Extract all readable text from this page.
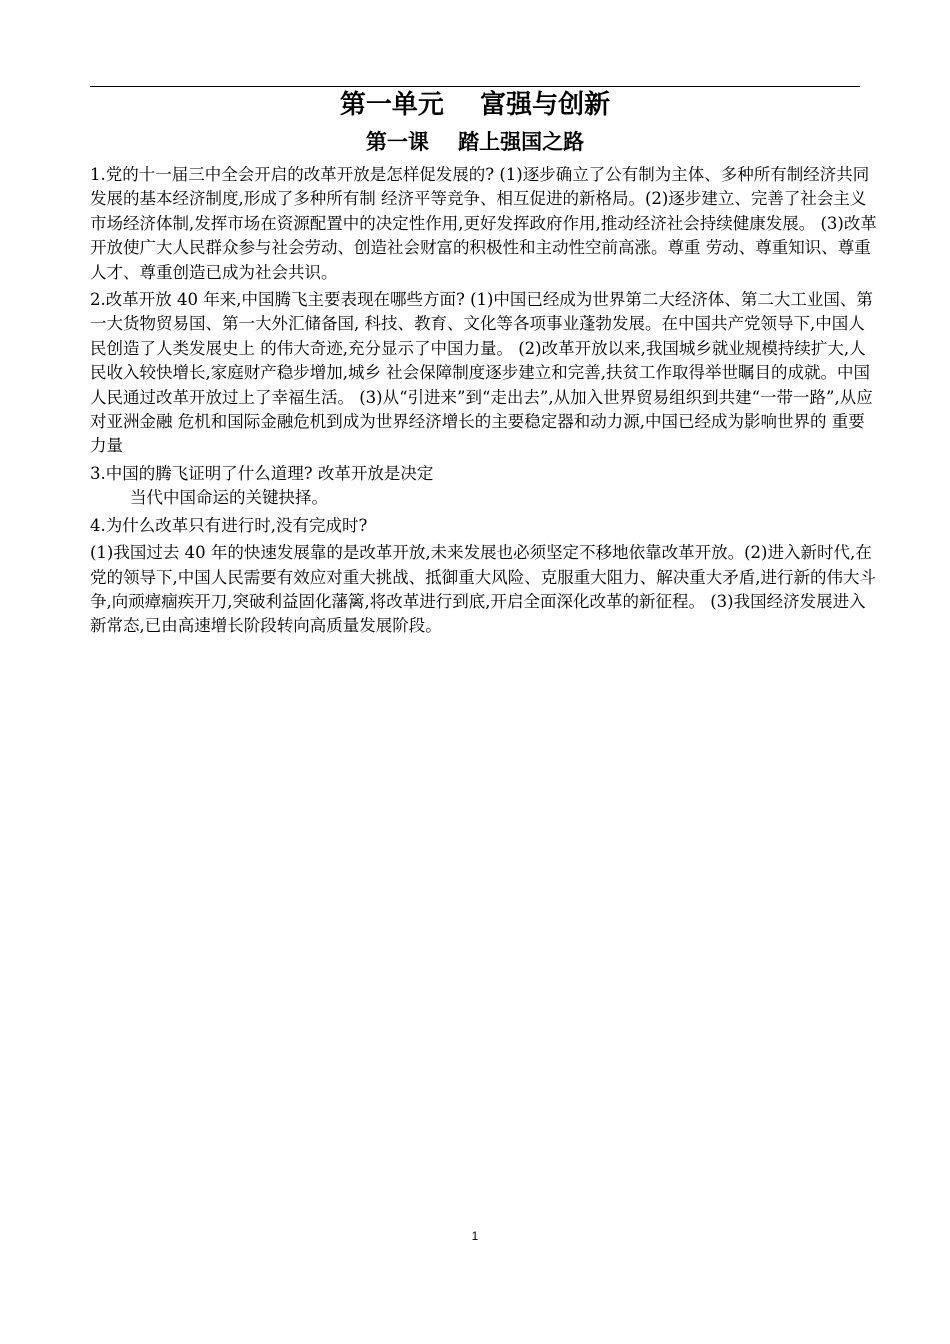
第一单元    富强与创新
第一课    踏上强国之路

1.党的十一届三中全会开启的改革开放是怎样促发展的? (1)逐步确立了公有制为主体、多种所有制经济共同发展的基本经济制度,形成了多种所有制 经济平等竞争、相互促进的新格局。(2)逐步建立、完善了社会主义市场经济体制,发挥市场在资源配置中的决定性作用,更好发挥政府作用,推动经济社会持续健康发展。 (3)改革开放使广大人民群众参与社会劳动、创造社会财富的积极性和主动性空前高涨。尊重 劳动、尊重知识、尊重人才、尊重创造已成为社会共识。

2.改革开放 40 年来,中国腾飞主要表现在哪些方面? (1)中国已经成为世界第二大经济体、第二大工业国、第一大货物贸易国、第一大外汇储备国, 科技、教育、文化等各项事业蓬勃发展。在中国共产党领导下,中国人民创造了人类发展史上 的伟大奇迹,充分显示了中国力量。 (2)改革开放以来,我国城乡就业规模持续扩大,人民收入较快增长,家庭财产稳步增加,城乡 社会保障制度逐步建立和完善,扶贫工作取得举世瞩目的成就。中国人民通过改革开放过上了幸福生活。 (3)从“引进来”到“走出去”,从加入世界贸易组织到共建“一带一路”,从应对亚洲金融 危机和国际金融危机到成为世界经济增长的主要稳定器和动力源,中国已经成为影响世界的 重要力量

3.中国的腾飞证明了什么道理? 改革开放是决定

当代中国命运的关键抉择。

4.为什么改革只有进行时,没有完成时?

(1)我国过去 40 年的快速发展靠的是改革开放,未来发展也必须坚定不移地依靠改革开放。(2)进入新时代,在党的领导下,中国人民需要有效应对重大挑战、抵御重大风险、克服重大阻力、解决重大矛盾,进行新的伟大斗争,向顽瘴痼疾开刀,突破利益固化藩篱,将改革进行到底,开启全面深化改革的新征程。 (3)我国经济发展进入新常态,已由高速增长阶段转向高质量发展阶段。

1
